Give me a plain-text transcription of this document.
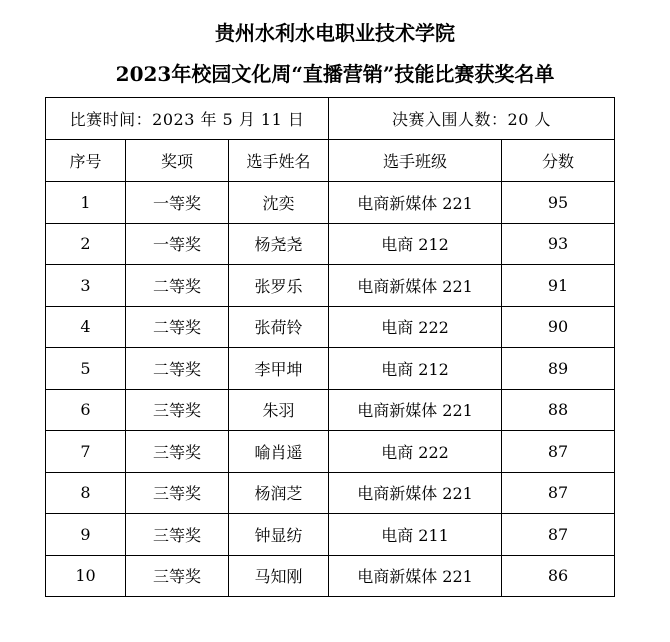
贵州水利水电职业技术学院
2023年校园文化周“直播营销”技能比赛获奖名单
比赛时间：2023 年 5 月 11 日			决赛入围人数：20 人	
序号	奖项	选手姓名	选手班级	分数
1	一等奖	沈奕	电商新媒体 221	95
2	一等奖	杨尧尧	电商 212	93
3	二等奖	张罗乐	电商新媒体 221	91
4	二等奖	张荷铃	电商 222	90
5	二等奖	李甲坤	电商 212	89
6	三等奖	朱羽	电商新媒体 221	88
7	三等奖	喻肖遥	电商 222	87
8	三等奖	杨润芝	电商新媒体 221	87
9	三等奖	钟显纺	电商 211	87
10	三等奖	马知刚	电商新媒体 221	86
